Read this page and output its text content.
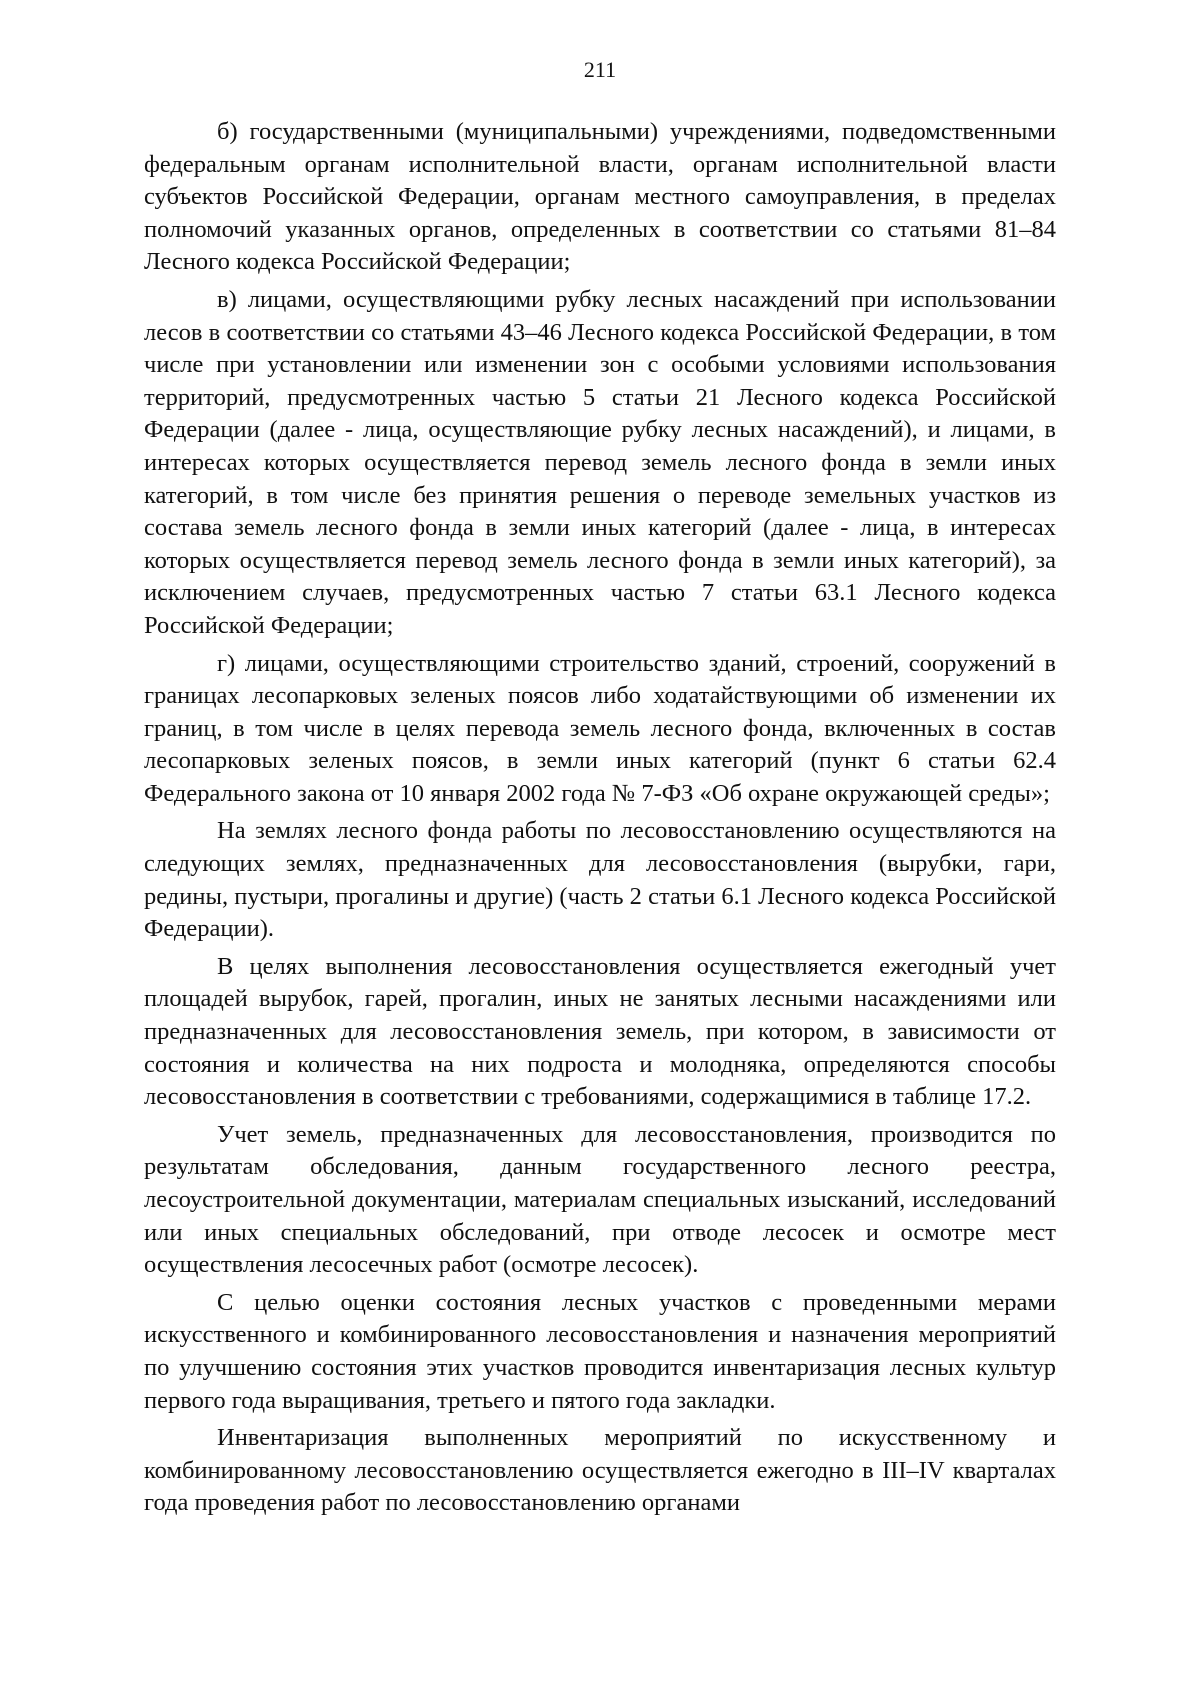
211

б) государственными (муниципальными) учреждениями, подведомственными федеральным органам исполнительной власти, органам исполнительной власти субъектов Российской Федерации, органам местного самоуправления, в пределах полномочий указанных органов, определенных в соответствии со статьями 81–84 Лесного кодекса Российской Федерации;

в) лицами, осуществляющими рубку лесных насаждений при использовании лесов в соответствии со статьями 43–46 Лесного кодекса Российской Федерации, в том числе при установлении или изменении зон с особыми условиями использования территорий, предусмотренных частью 5 статьи 21 Лесного кодекса Российской Федерации (далее - лица, осуществляющие рубку лесных насаждений), и лицами, в интересах которых осуществляется перевод земель лесного фонда в земли иных категорий, в том числе без принятия решения о переводе земельных участков из состава земель лесного фонда в земли иных категорий (далее - лица, в интересах которых осуществляется перевод земель лесного фонда в земли иных категорий), за исключением случаев, предусмотренных частью 7 статьи 63.1 Лесного кодекса Российской Федерации;

г) лицами, осуществляющими строительство зданий, строений, сооружений в границах лесопарковых зеленых поясов либо ходатайствующими об изменении их границ, в том числе в целях перевода земель лесного фонда, включенных в состав лесопарковых зеленых поясов, в земли иных категорий (пункт 6 статьи 62.4 Федерального закона от 10 января 2002 года № 7-ФЗ «Об охране окружающей среды»;

На землях лесного фонда работы по лесовосстановлению осуществляются на следующих землях, предназначенных для лесовосстановления (вырубки, гари, редины, пустыри, прогалины и другие) (часть 2 статьи 6.1 Лесного кодекса Российской Федерации).

В целях выполнения лесовосстановления осуществляется ежегодный учет площадей вырубок, гарей, прогалин, иных не занятых лесными насаждениями или предназначенных для лесовосстановления земель, при котором, в зависимости от состояния и количества на них подроста и молодняка, определяются способы лесовосстановления в соответствии с требованиями, содержащимися в таблице 17.2.

Учет земель, предназначенных для лесовосстановления, производится по результатам обследования, данным государственного лесного реестра, лесоустроительной документации, материалам специальных изысканий, исследований или иных специальных обследований, при отводе лесосек и осмотре мест осуществления лесосечных работ (осмотре лесосек).

С целью оценки состояния лесных участков с проведенными мерами искусственного и комбинированного лесовосстановления и назначения мероприятий по улучшению состояния этих участков проводится инвентаризация лесных культур первого года выращивания, третьего и пятого года закладки.

Инвентаризация выполненных мероприятий по искусственному и комбинированному лесовосстановлению осуществляется ежегодно в III–IV кварталах года проведения работ по лесовосстановлению органами
